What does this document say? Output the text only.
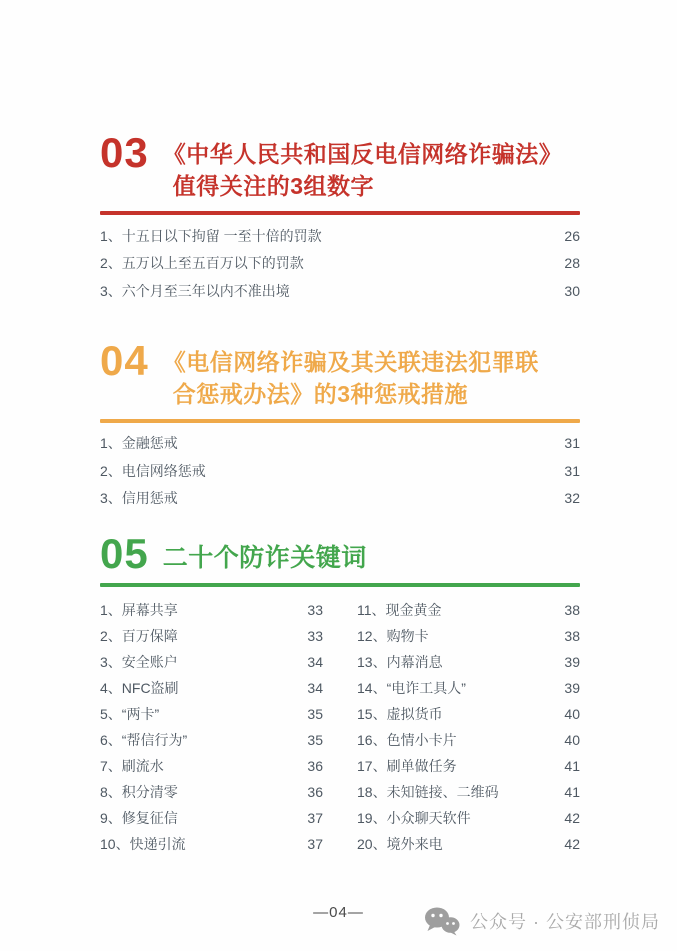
03 《中华人民共和国反电信网络诈骗法》
值得关注的3组数字
1、十五日以下拘留 一至十倍的罚款	26
2、五万以上至五百万以下的罚款	28
3、六个月至三年以内不准出境	30
04 《电信网络诈骗及其关联违法犯罪联
合惩戒办法》的3种惩戒措施
1、金融惩戒	31
2、电信网络惩戒	31
3、信用惩戒	32
05 二十个防诈关键词
1、屏幕共享	33
2、百万保障	33
3、安全账户	34
4、NFC盗刷	34
5、“两卡”	35
6、“帮信行为”	35
7、刷流水	36
8、积分清零	36
9、修复征信	37
10、快递引流	37
11、现金黄金	38
12、购物卡	38
13、内幕消息	39
14、“电诈工具人”	39
15、虚拟货币	40
16、色情小卡片	40
17、刷单做任务	41
18、未知链接、二维码	41
19、小众聊天软件	42
20、境外来电	42
—04—	公众号 · 公安部刑侦局
